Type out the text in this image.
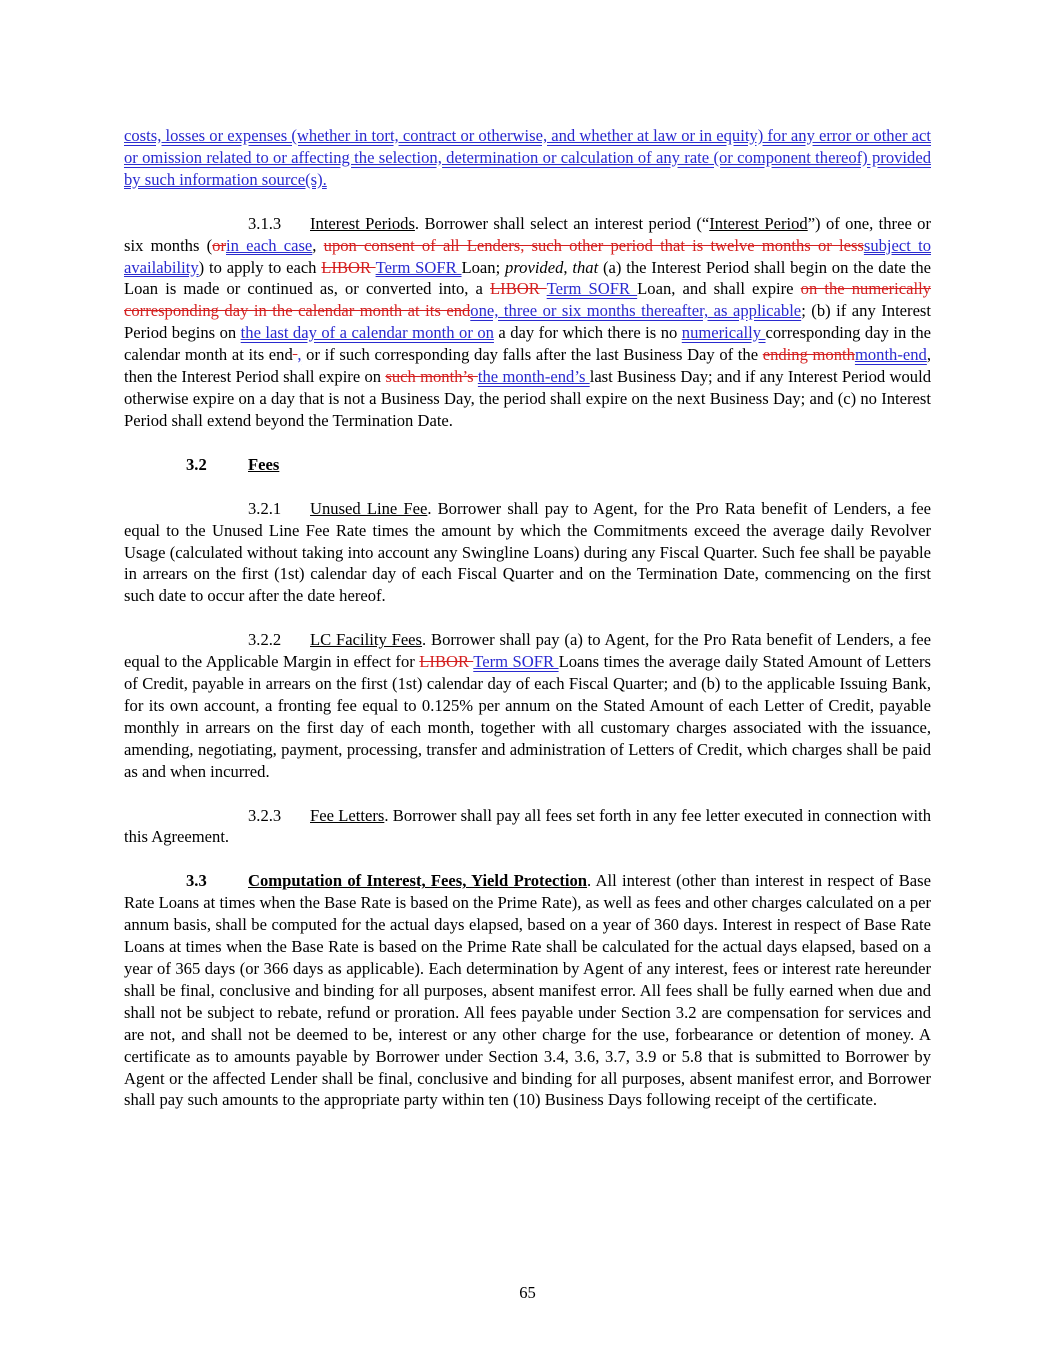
costs, losses or expenses (whether in tort, contract or otherwise, and whether at law or in equity) for any error or other act or omission related to or affecting the selection, determination or calculation of any rate (or component thereof) provided by such information source(s).

3.1.3 Interest Periods. Borrower shall select an interest period (“Interest Period”) of one, three or six months (orin each case, upon consent of all Lenders, such other period that is twelve months or lesssubject to availability) to apply to each LIBOR Term SOFR Loan; provided, that (a) the Interest Period shall begin on the date the Loan is made or continued as, or converted into, a LIBOR Term SOFR Loan, and shall expire on the numerically corresponding day in the calendar month at its endone, three or six months thereafter, as applicable; (b) if any Interest Period begins on the last day of a calendar month or on a day for which there is no numerically corresponding day in the calendar month at its end , or if such corresponding day falls after the last Business Day of the ending monthmonth-end, then the Interest Period shall expire on such month’s the month-end’s last Business Day; and if any Interest Period would otherwise expire on a day that is not a Business Day, the period shall expire on the next Business Day; and (c) no Interest Period shall extend beyond the Termination Date.

3.2 Fees

3.2.1 Unused Line Fee. Borrower shall pay to Agent, for the Pro Rata benefit of Lenders, a fee equal to the Unused Line Fee Rate times the amount by which the Commitments exceed the average daily Revolver Usage (calculated without taking into account any Swingline Loans) during any Fiscal Quarter. Such fee shall be payable in arrears on the first (1st) calendar day of each Fiscal Quarter and on the Termination Date, commencing on the first such date to occur after the date hereof.

3.2.2 LC Facility Fees. Borrower shall pay (a) to Agent, for the Pro Rata benefit of Lenders, a fee equal to the Applicable Margin in effect for LIBOR Term SOFR Loans times the average daily Stated Amount of Letters of Credit, payable in arrears on the first (1st) calendar day of each Fiscal Quarter; and (b) to the applicable Issuing Bank, for its own account, a fronting fee equal to 0.125% per annum on the Stated Amount of each Letter of Credit, payable monthly in arrears on the first day of each month, together with all customary charges associated with the issuance, amending, negotiating, payment, processing, transfer and administration of Letters of Credit, which charges shall be paid as and when incurred.

3.2.3 Fee Letters. Borrower shall pay all fees set forth in any fee letter executed in connection with this Agreement.

3.3 Computation of Interest, Fees, Yield Protection. All interest (other than interest in respect of Base Rate Loans at times when the Base Rate is based on the Prime Rate), as well as fees and other charges calculated on a per annum basis, shall be computed for the actual days elapsed, based on a year of 360 days. Interest in respect of Base Rate Loans at times when the Base Rate is based on the Prime Rate shall be calculated for the actual days elapsed, based on a year of 365 days (or 366 days as applicable). Each determination by Agent of any interest, fees or interest rate hereunder shall be final, conclusive and binding for all purposes, absent manifest error. All fees shall be fully earned when due and shall not be subject to rebate, refund or proration. All fees payable under Section 3.2 are compensation for services and are not, and shall not be deemed to be, interest or any other charge for the use, forbearance or detention of money. A certificate as to amounts payable by Borrower under Section 3.4, 3.6, 3.7, 3.9 or 5.8 that is submitted to Borrower by Agent or the affected Lender shall be final, conclusive and binding for all purposes, absent manifest error, and Borrower shall pay such amounts to the appropriate party within ten (10) Business Days following receipt of the certificate.

65
